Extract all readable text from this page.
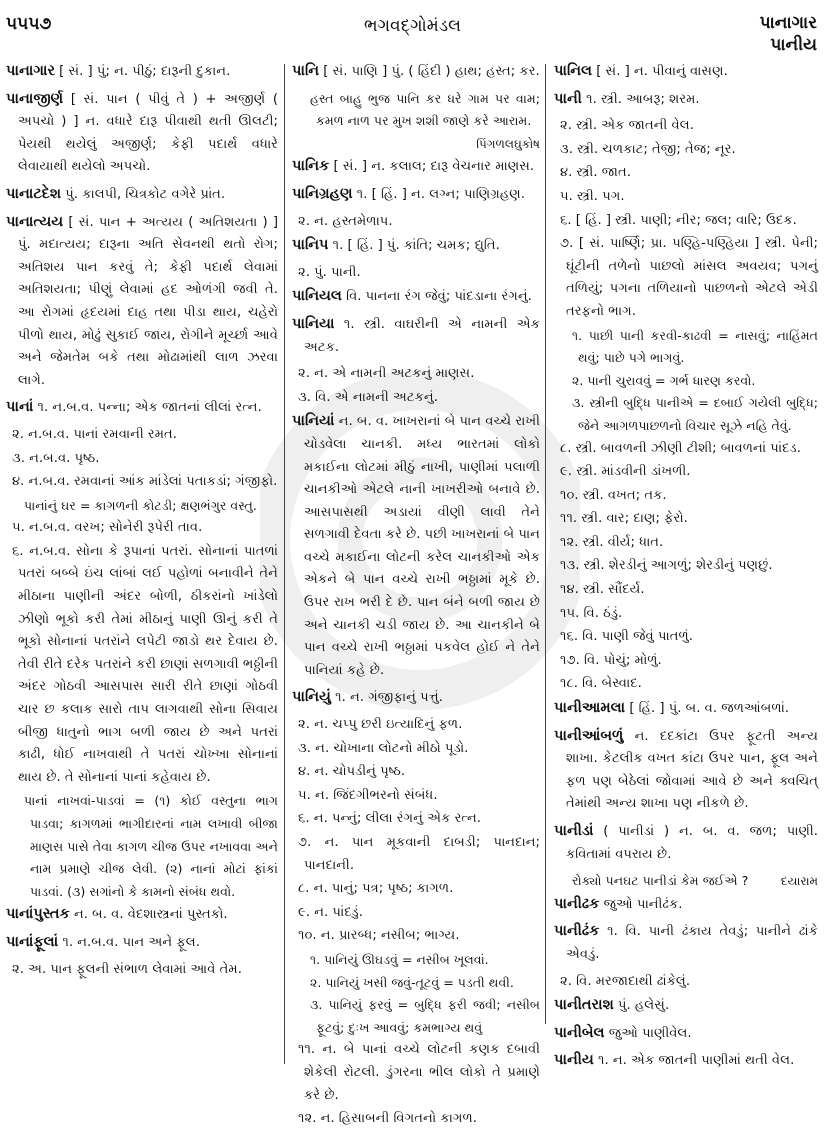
૫૫૫૭	ભગવદ્ગોમંડલ	પાનાગાર
પાનીય
પાનાગાર [ સં. ] પું; ન. પીઠું; દારૂની દુકાન.
પાનાજીર્ણ [ સં. પાન ( પીવું તે ) + અજીર્ણ ( અપચો ) ] ન. વધારે દારૂ પીવાથી થતી ઊલટી; પેયથી થયેલું અજીર્ણ; કેફી પદાર્થ વધારે લેવાયાથી થયેલો અપચો.
પાનાટદેશ પું. કાલપી, ચિત્રકોટ વગેરે પ્રાંત.
પાનાત્યય [ સં. પાન + અત્યય ( અતિશયતા ) ] પું. મદાત્યય; દારૂના અતિ સેવનથી થતો રોગ; અતિશય પાન કરવું તે; કેફી પદાર્થ લેવામાં અતિશયતા; પીણું લેવામાં હદ ઓળંગી જવી તે. આ રોગમાં હૃદયમાં દાહ તથા પીડા થાય, ચહેરો પીળો થાય, મોઢું સુકાઈ જાય, રોગીને મૂર્ચ્છા આવે અને જેમતેમ બકે તથા મોઢામાંથી લાળ ઝરવા લાગે.
પાનાં ૧. ન.બ.વ. પન્ના; એક જાતનાં લીલાં રત્ન.
૨. ન.બ.વ. પાનાં રમવાની રમત.
૩. ન.બ.વ. પૃષ્ઠ.
૪. ન.બ.વ. રમવાનાં આંક માંડેલાં પતાકડાં; ગંજીફો.
પાનાંનું ઘર = કાગળની કોટડી; ક્ષણભંગુર વસ્તુ.
૫. ન.બ.વ. વરખ; સોનેરી રૂપેરી તાવ.
૬. ન.બ.વ. સોના કે રૂપાનાં પતરાં. સોનાનાં પાતળાં પતરાં બબ્બે ઇંચ લાંબાં લઈ પહોળાં બનાવીને તેને મીઠાના પાણીની અંદર બોળી, ઠીકરાંનો ખાંડેલો ઝીણો ભૂકો કરી તેમાં મીઠાનું પાણી ઊનું કરી તે ભૂકો સોનાનાં પતરાંને લપેટી જાડો થર દેવાય છે. તેવી રીતે દરેક પતરાંને કરી છાણાં સળગાવી ભઠ્ઠીની અંદર ગોઠવી આસપાસ સારી રીતે છાણાં ગોઠવી ચાર છ કલાક સારો તાપ લાગવાથી સોના સિવાય બીજી ધાતુનો ભાગ બળી જાય છે અને પતરાં કાઢી, ધોઈ નાખવાથી તે પતરાં ચોખ્ખા સોનાનાં થાય છે. તે સોનાનાં પાનાં કહેવાય છે.
પાનાં નાખવાં-પાડવાં = (૧) કોઈ વસ્તુના ભાગ પાડવા; કાગળમાં ભાગીદારનાં નામ લખાવી બીજા માણસ પાસે તેવા કાગળ ચીજ ઉપર નખાવવા અને નામ પ્રમાણે ચીજ લેવી. (૨) નાનાં મોટાં ફાંકાં પાડવાં. (૩) સગાંનો કે કામનો સંબંધ થવો.
પાનાંપુસ્તક ન. બ. વ. વેદશાસ્ત્રનાં પુસ્તકો.
પાનાંફૂલાં ૧. ન.બ.વ. પાન અને ફૂલ.
૨. અ. પાન ફૂલની સંભાળ લેવામાં આવે તેમ.
પાનિ [ સં. પાણિ ] પું. ( હિંદી ) હાથ; હસ્ત; કર.
હસ્ત બાહુ ભુજ પાનિ કર ધરે ગામ પર વામ; કમળ નાળ પર મુખ શશી જાણે કરે આરામ.
પિંગળલઘુકોષ
પાનિક [ સં. ] ન. કલાલ; દારૂ વેચનાર માણસ.
પાનિગ્રહણ ૧. [ હિં. ] ન. લગ્ન; પાણિગ્રહણ.
૨. ન. હસ્તમેળાપ.
પાનિપ ૧. [ હિં. ] પું. કાંતિ; ચમક; દ્યુતિ.
૨. પું. પાની.
પાનિયલ વિ. પાનના રંગ જેવું; પાંદડાના રંગનું.
પાનિયા ૧. સ્ત્રી. વાઘરીની એ નામની એક અટક.
૨. ન. એ નામની અટકનું માણસ.
૩. વિ. એ નામની અટકનું.
પાનિયાં ન. બ. વ. ખાખરાનાં બે પાન વચ્ચે રાખી ચોડવેલા ચાનકી. મધ્ય ભારતમાં લોકો મકાઈના લોટમાં મીઠું નાખી, પાણીમાં પલાળી ચાનકીઓ એટલે નાની ખાખરીઓ બનાવે છે. આસપાસથી અડાયાં વીણી લાવી તેને સળગાવી દેવતા કરે છે. પછી ખાખરાનાં બે પાન વચ્ચે મકાઈના લોટની કરેલ ચાનકીઓ એક એકને બે પાન વચ્ચે રાખી ભઠ્ઠામાં મૂકે છે. ઉપર રાખ ભરી દે છે. પાન બંને બળી જાય છે અને ચાનકી ચડી જાય છે. આ ચાનકીને બે પાન વચ્ચે રાખી ભઠ્ઠામાં પકવેલ હોઈ ને તેને પાનિયાં કહે છે.
પાનિયું ૧. ન. ગંજીફાનું પત્તું.
૨. ન. ચપ્પુ છરી ઇત્યાદિનું ફળ.
૩. ન. ચોખાના લોટનો મીઠો પૂડો.
૪. ન. ચોપડીનું પૃષ્ઠ.
૫. ન. જિંદગીભરનો સંબંધ.
૬. ન. પન્નું; લીલા રંગનું એક રત્ન.
૭. ન. પાન મૂકવાની દાબડી; પાનદાન; પાનદાની.
૮. ન. પાનું; પત્ર; પૃષ્ઠ; કાગળ.
૯. ન. પાંદડું.
૧૦. ન. પ્રારબ્ધ; નસીબ; ભાગ્ય.
૧. પાનિયું ઊઘડવું = નસીબ ખૂલવાં.
૨. પાનિયું ખસી જવું-તૂટવું = પડતી થવી.
૩. પાનિયું ફરવું = બુદ્ધિ ફરી જવી; નસીબ ફૂટવું; દુઃખ આવવું; કમભાગ્ય થવું
૧૧. ન. બે પાનાં વચ્ચે લોટની કણક દબાવી શેકેલી રોટલી. ડુંગરના ભીલ લોકો તે પ્રમાણે કરે છે.
૧૨. ન. હિસાબની વિગતનો કાગળ.
પાનિલ [ સં. ] ન. પીવાનું વાસણ.
પાની ૧. સ્ત્રી. આબરૂ; શરમ.
૨. સ્ત્રી. એક જાતની વેલ.
૩. સ્ત્રી. ચળકાટ; તેજી; તેજ; નૂર.
૪. સ્ત્રી. જાત.
૫. સ્ત્રી. પગ.
૬. [ હિં. ] સ્ત્રી. પાણી; નીર; જલ; વારિ; ઉદક.
૭. [ સં. પાર્ષ્ણિ; પ્રા. પણ્હિ-પણ્હિયા ] સ્ત્રી. પેની; ઘૂંટીની તળેનો પાછલો માંસલ અવયવ; પગનું તળિયું; પગના તળિયાનો પાછળનો એટલે એડી તરફનો ભાગ.
૧. પાછી પાની કરવી-કાઢવી = નાસવું; નાહિંમત થવું; પાછે પગે ભાગવું.
૨. પાની ચુરાવવું = ગર્ભ ધારણ કરવો.
૩. સ્ત્રીની બુદ્ધિ પાનીએ = દબાઈ ગયેલી બુદ્ધિ; જેને આગળપાછળનો વિચાર સૂઝે નહિ તેવું.
૮. સ્ત્રી. બાવળની ઝીણી ટીશી; બાવળનાં પાંદડ.
૯. સ્ત્રી. માંડવીની ડાંખળી.
૧૦. સ્ત્રી. વખત; તક.
૧૧. સ્ત્રી. વાર; દાણ; ફેરો.
૧૨. સ્ત્રી. વીર્ય; ધાત.
૧૩. સ્ત્રી. શેરડીનું આગળું; શેરડીનું પણછું.
૧૪. સ્ત્રી. સૌંદર્ય.
૧૫. વિ. ઠંડું.
૧૬. વિ. પાણી જેવું પાતળું.
૧૭. વિ. પોચું; મોળું.
૧૮. વિ. બેસ્વાદ.
પાનીઆમલા [ હિં. ] પું. બ. વ. જળઆંબળાં.
પાનીઆંબળું ન. દદકાંટા ઉપર ફૂટતી અન્ય શાખા. કેટલીક વખત કાંટા ઉપર પાન, ફૂલ અને ફળ પણ બેઠેલાં જોવામાં આવે છે અને ક્વચિત્ તેમાંથી અન્ય શાખા પણ નીકળે છે.
પાનીડાં ( પાનીડાં ) ન. બ. વ. જળ; પાણી. કવિતામાં વપરાય છે.
દયારામ
રોક્યો પનઘટ પાનીડાં કેમ જઈએ ?
પાનીઢક જુઓ પાનીઢંક.
પાનીઢંક ૧. વિ. પાની ઢંકાય તેવડું; પાનીને ઢાંકે એવડું.
૨. વિ. મરજાદાથી ઢાંકેલું.
પાનીતરાશ પું. હલેસું.
પાનીબેલ જુઓ પાણીવેલ.
પાનીય ૧. ન. એક જાતની પાણીમાં થતી વેલ.
